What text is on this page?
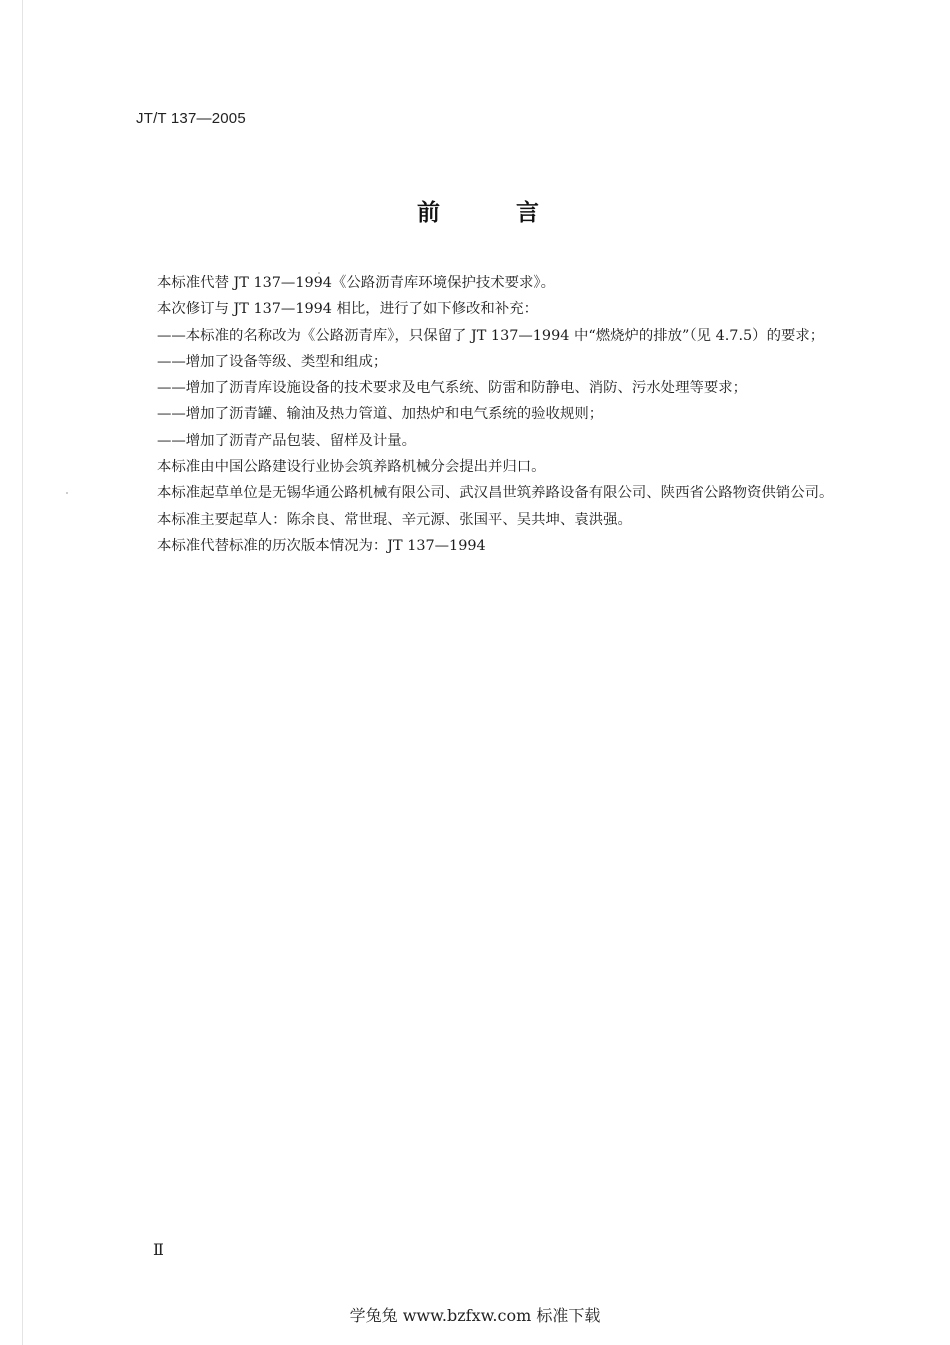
JT/T 137—2005
前 言

本标准代替 JT 137—1994《公路沥青库环境保护技术要求》。

本次修订与 JT 137—1994 相比，进行了如下修改和补充：

——本标准的名称改为《公路沥青库》，只保留了 JT 137—1994 中“燃烧炉的排放”（见 4.7.5）的要求；

——增加了设备等级、类型和组成；

——增加了沥青库设施设备的技术要求及电气系统、防雷和防静电、消防、污水处理等要求；

——增加了沥青罐、输油及热力管道、加热炉和电气系统的验收规则；

——增加了沥青产品包装、留样及计量。

本标准由中国公路建设行业协会筑养路机械分会提出并归口。

本标准起草单位是无锡华通公路机械有限公司、武汉昌世筑养路设备有限公司、陕西省公路物资供销公司。

本标准主要起草人：陈余良、常世琨、辛元源、张国平、吴共坤、袁洪强。

本标准代替标准的历次版本情况为：JT 137—1994

Ⅱ
学兔兔 www.bzfxw.com 标准下载
